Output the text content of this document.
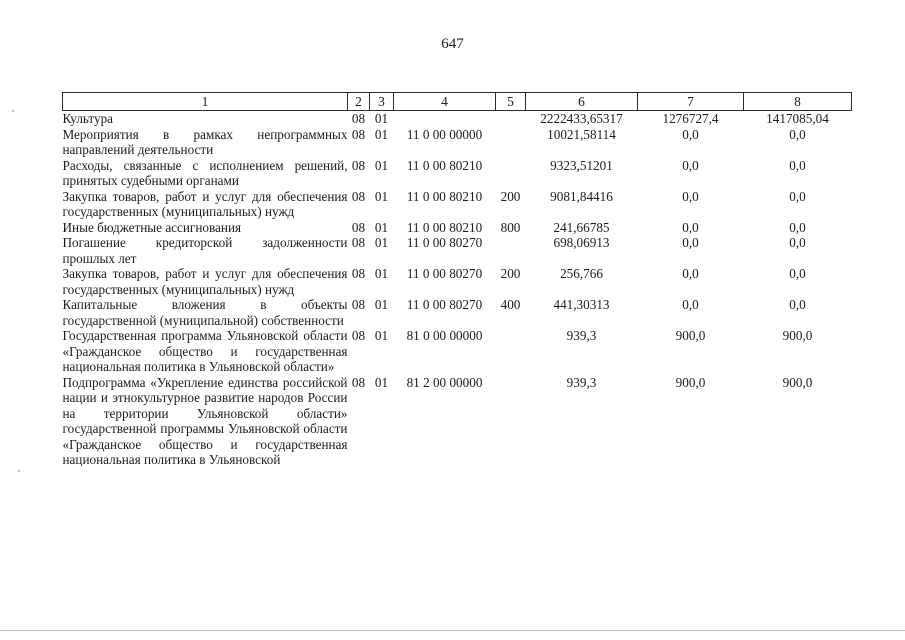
647
1	2	3	4	5	6	7	8
Культура	08	01			2222433,65317	1276727,4	1417085,04
Мероприятия в рамках непрограммных направлений деятельности	08	01	11 0 00 00000		10021,58114	0,0	0,0
Расходы, связанные с исполнением решений, принятых судебными органами	08	01	11 0 00 80210		9323,51201	0,0	0,0
Закупка товаров, работ и услуг для обеспечения государственных (муниципальных) нужд	08	01	11 0 00 80210	200	9081,84416	0,0	0,0
Иные бюджетные ассигнования	08	01	11 0 00 80210	800	241,66785	0,0	0,0
Погашение кредиторской задолженности прошлых лет	08	01	11 0 00 80270		698,06913	0,0	0,0
Закупка товаров, работ и услуг для обеспечения государственных (муниципальных) нужд	08	01	11 0 00 80270	200	256,766	0,0	0,0
Капитальные вложения в объекты государственной (муниципальной) собственности	08	01	11 0 00 80270	400	441,30313	0,0	0,0
Государственная программа Ульяновской области «Гражданское общество и государственная национальная политика в Ульяновской области»	08	01	81 0 00 00000		939,3	900,0	900,0
Подпрограмма «Укрепление единства российской нации и этнокультурное развитие народов России на территории Ульяновской области» государственной программы Ульяновской области «Гражданское общество и государственная национальная политика в Ульяновской	08	01	81 2 00 00000		939,3	900,0	900,0
